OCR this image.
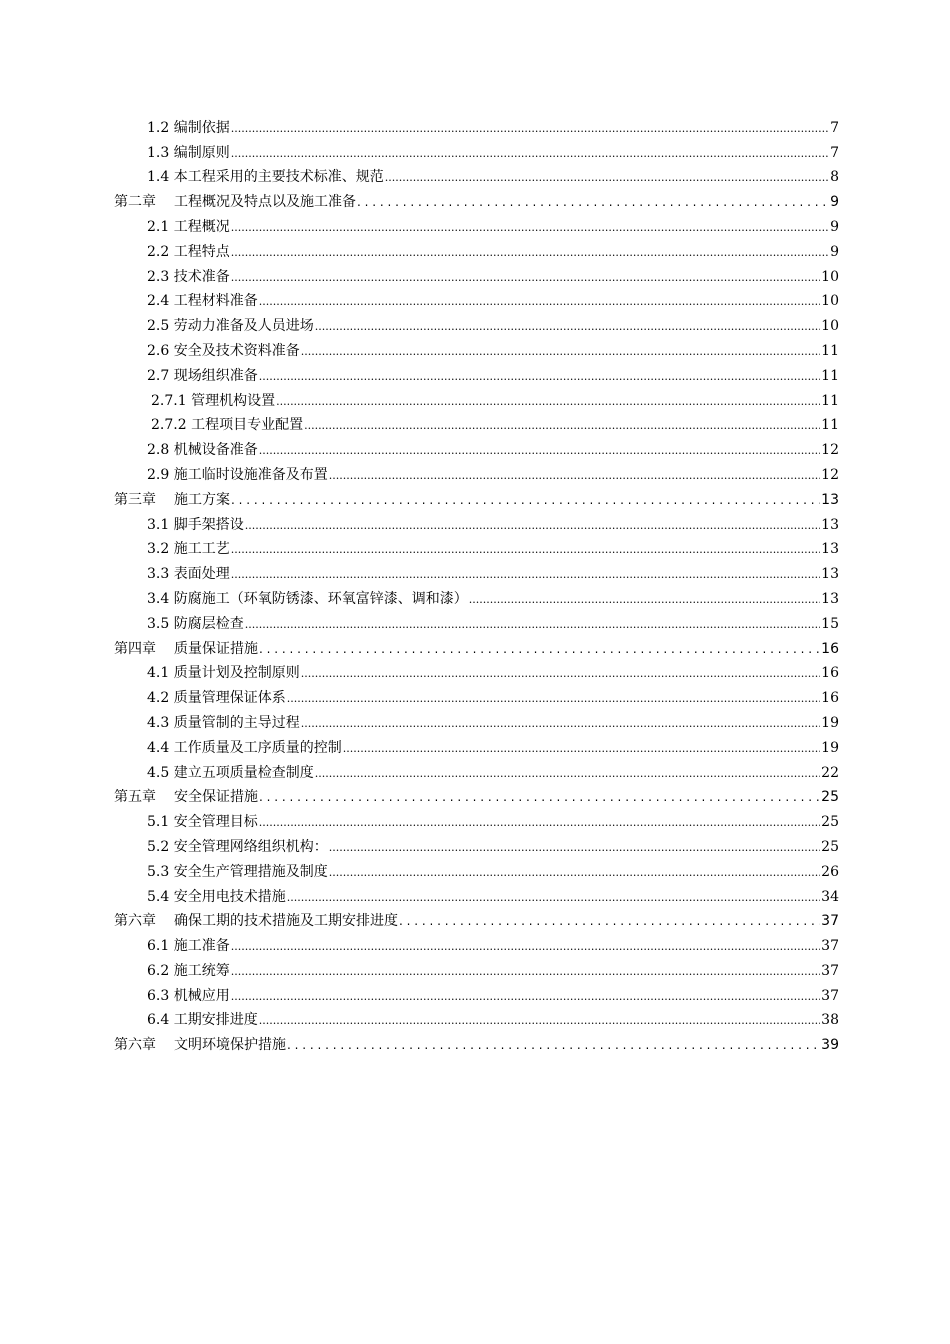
1.2 编制依据 .....	7
1.3 编制原则 .....	7
1.4 本工程采用的主要技术标准、规范 .....	8
第二章 工程概况及特点以及施工准备 . . .	9
2.1 工程概况 .....	9
2.2 工程特点 .....	9
2.3 技术准备 .....	10
2.4 工程材料准备 .....	10
2.5 劳动力准备及人员进场 .....	10
2.6 安全及技术资料准备 .....	11
2.7 现场组织准备 .....	11
2.7.1 管理机构设置 .....	11
2.7.2 工程项目专业配置 .....	11
2.8 机械设备准备 .....	12
2.9 施工临时设施准备及布置 .....	12
第三章 施工方案 . . .	13
3.1 脚手架搭设 .....	13
3.2 施工工艺 .....	13
3.3 表面处理 .....	13
3.4 防腐施工（环氧防锈漆、环氧富锌漆、调和漆） .....	13
3.5 防腐层检查 .....	15
第四章 质量保证措施 . . .	16
4.1 质量计划及控制原则 .....	16
4.2 质量管理保证体系 .....	16
4.3 质量管制的主导过程 .....	19
4.4 工作质量及工序质量的控制 .....	19
4.5 建立五项质量检查制度 .....	22
第五章 安全保证措施 . . .	25
5.1 安全管理目标 .....	25
5.2 安全管理网络组织机构： .....	25
5.3 安全生产管理措施及制度 .....	26
5.4 安全用电技术措施 .....	34
第六章 确保工期的技术措施及工期安排进度 . . .	37
6.1 施工准备 .....	37
6.2 施工统筹 .....	37
6.3 机械应用 .....	37
6.4 工期安排进度 .....	38
第六章 文明环境保护措施 . . .	39
